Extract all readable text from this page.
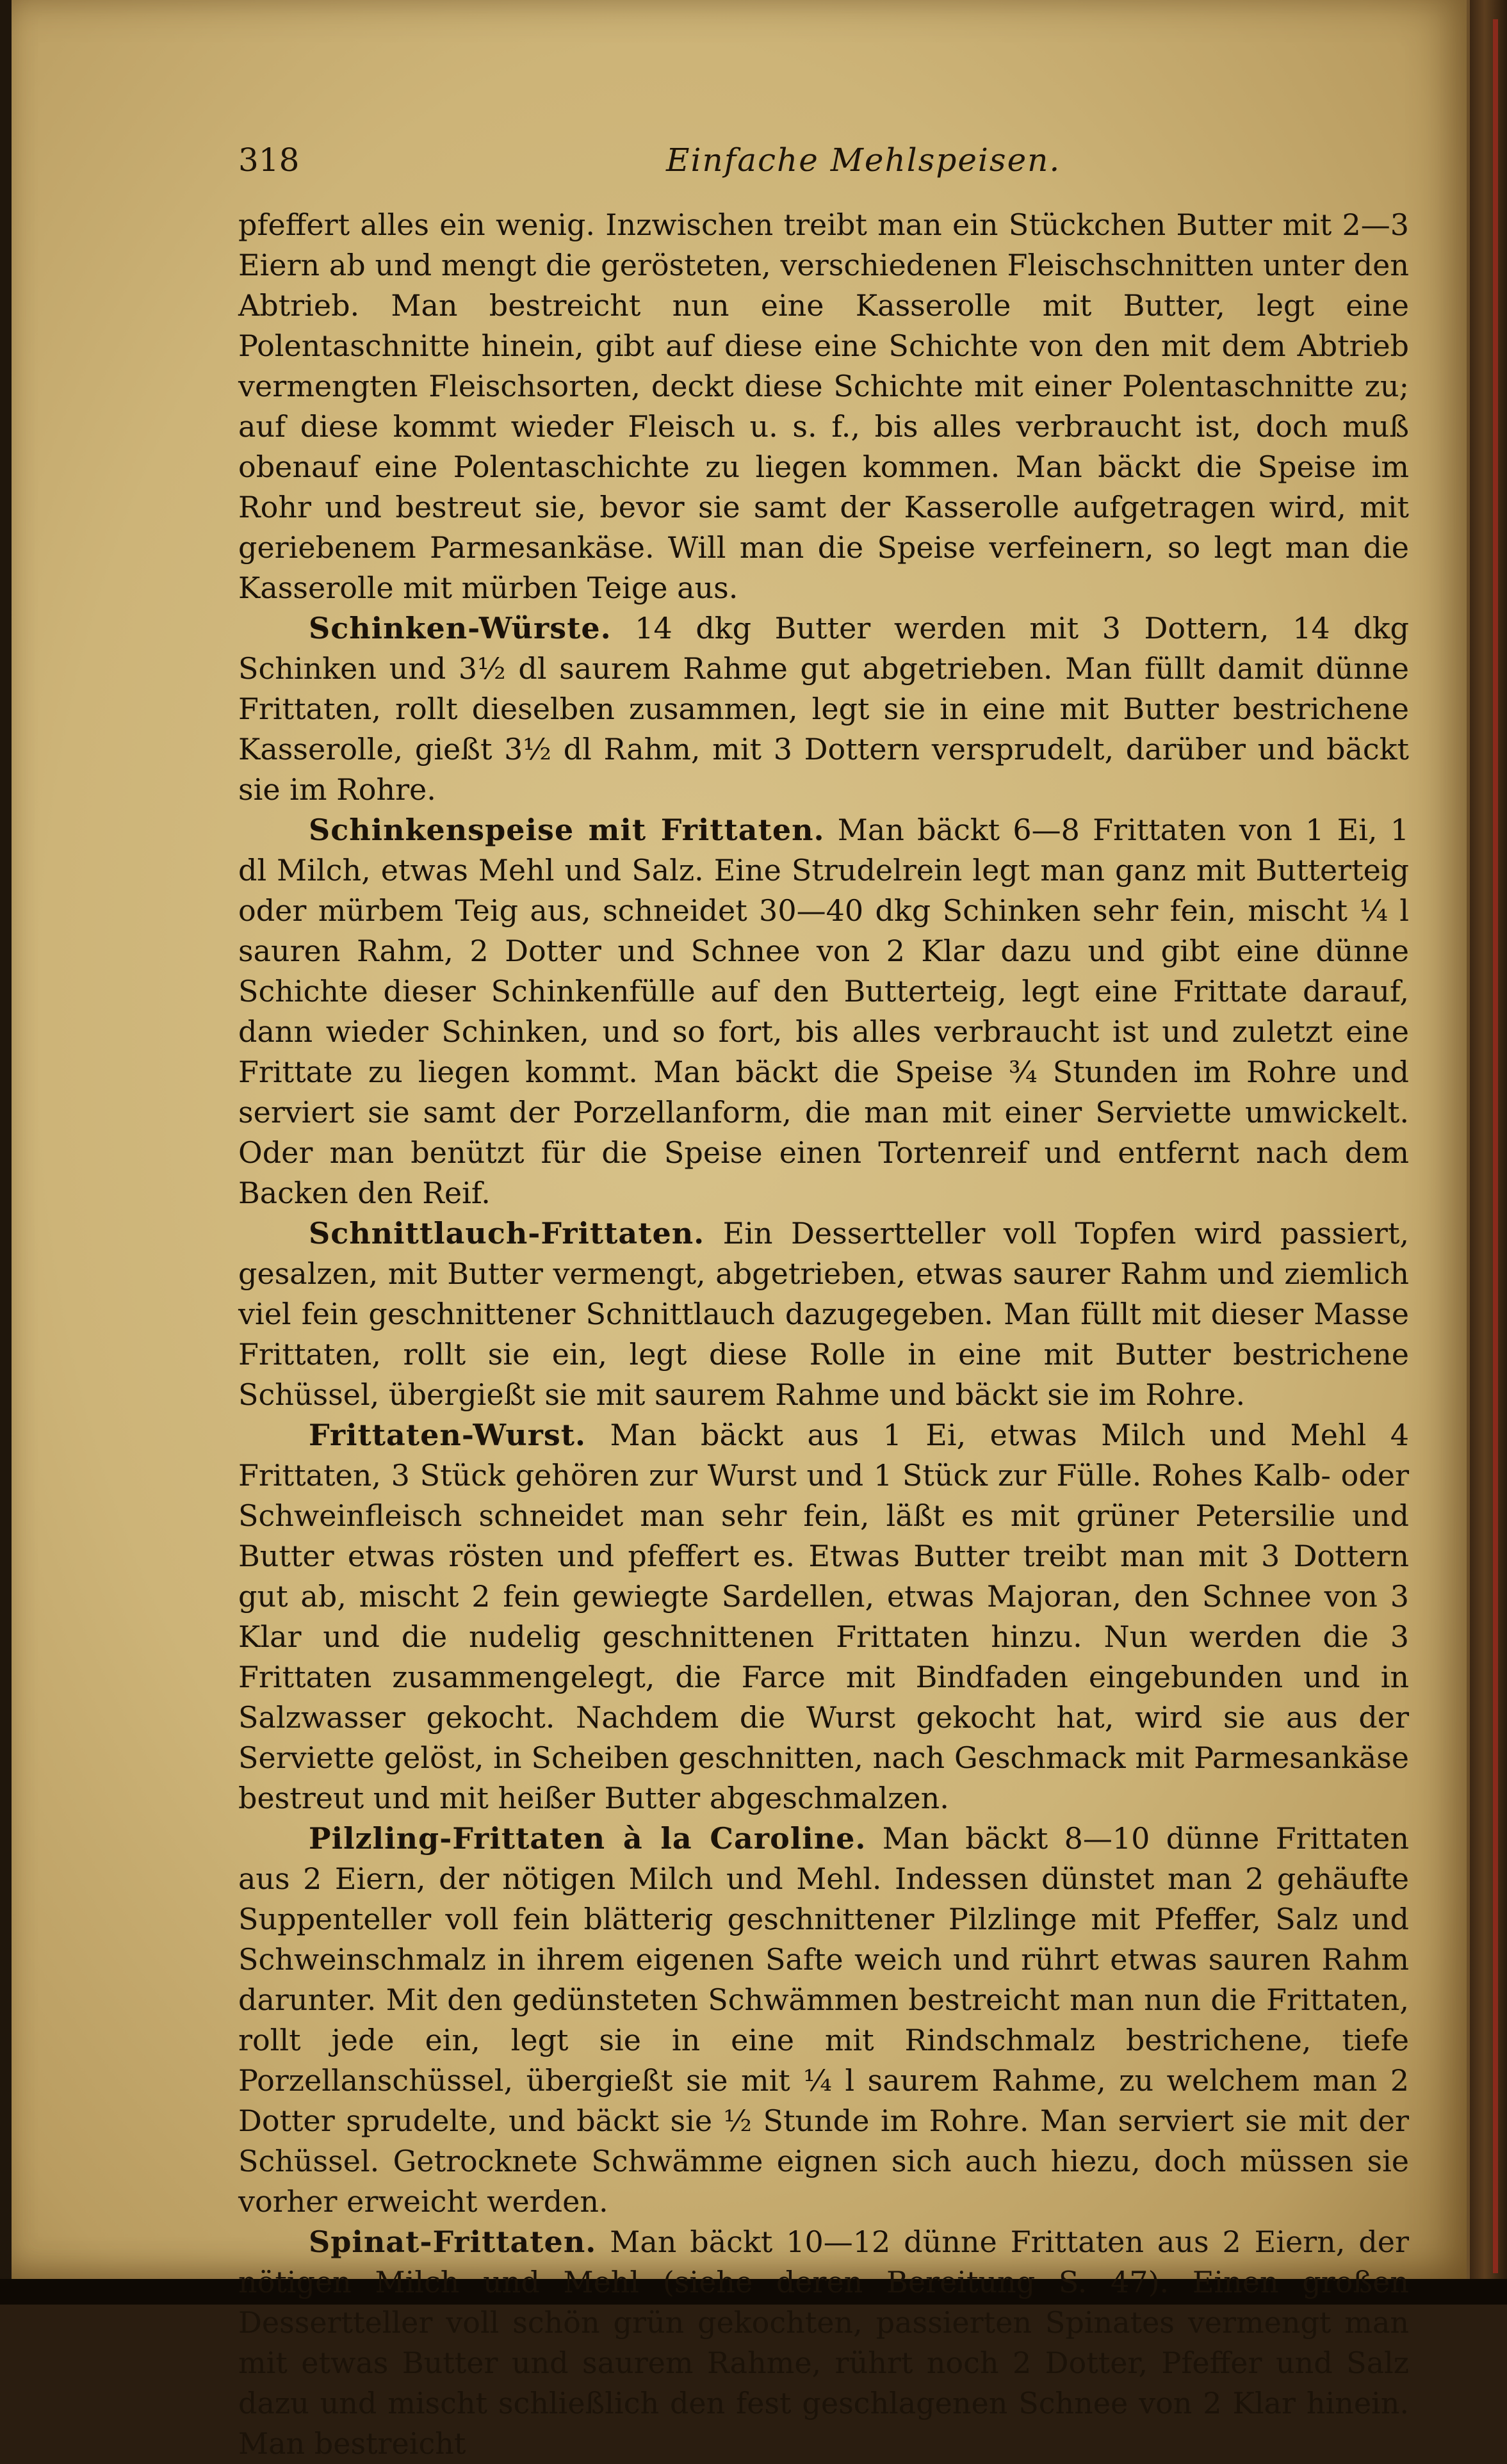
318	Einfache Mehlspeisen.

pfeffert alles ein wenig. Inzwischen treibt man ein Stückchen Butter mit 2—3 Eiern ab und mengt die gerösteten, verschiedenen Fleischschnitten unter den Abtrieb. Man bestreicht nun eine Kasserolle mit Butter, legt eine Polentaschnitte hinein, gibt auf diese eine Schichte von den mit dem Abtrieb vermengten Fleischsorten, deckt diese Schichte mit einer Polentaschnitte zu; auf diese kommt wieder Fleisch u. s. f., bis alles verbraucht ist, doch muß obenauf eine Polentaschichte zu liegen kommen. Man bäckt die Speise im Rohr und bestreut sie, bevor sie samt der Kasserolle aufgetragen wird, mit geriebenem Parmesankäse. Will man die Speise verfeinern, so legt man die Kasserolle mit mürben Teige aus.

Schinken-Würste. 14 dkg Butter werden mit 3 Dottern, 14 dkg Schinken und 3½ dl saurem Rahme gut abgetrieben. Man füllt damit dünne Frittaten, rollt dieselben zusammen, legt sie in eine mit Butter bestrichene Kasserolle, gießt 3½ dl Rahm, mit 3 Dottern versprudelt, darüber und bäckt sie im Rohre.

Schinkenspeise mit Frittaten. Man bäckt 6—8 Frittaten von 1 Ei, 1 dl Milch, etwas Mehl und Salz. Eine Strudelrein legt man ganz mit Butterteig oder mürbem Teig aus, schneidet 30—40 dkg Schinken sehr fein, mischt ¼ l sauren Rahm, 2 Dotter und Schnee von 2 Klar dazu und gibt eine dünne Schichte dieser Schinkenfülle auf den Butterteig, legt eine Frittate darauf, dann wieder Schinken, und so fort, bis alles verbraucht ist und zuletzt eine Frittate zu liegen kommt. Man bäckt die Speise ¾ Stunden im Rohre und serviert sie samt der Porzellanform, die man mit einer Serviette umwickelt. Oder man benützt für die Speise einen Tortenreif und entfernt nach dem Backen den Reif.

Schnittlauch-Frittaten. Ein Dessertteller voll Topfen wird passiert, gesalzen, mit Butter vermengt, abgetrieben, etwas saurer Rahm und ziemlich viel fein geschnittener Schnittlauch dazugegeben. Man füllt mit dieser Masse Frittaten, rollt sie ein, legt diese Rolle in eine mit Butter bestrichene Schüssel, übergießt sie mit saurem Rahme und bäckt sie im Rohre.

Frittaten-Wurst. Man bäckt aus 1 Ei, etwas Milch und Mehl 4 Frittaten, 3 Stück gehören zur Wurst und 1 Stück zur Fülle. Rohes Kalb- oder Schweinfleisch schneidet man sehr fein, läßt es mit grüner Petersilie und Butter etwas rösten und pfeffert es. Etwas Butter treibt man mit 3 Dottern gut ab, mischt 2 fein gewiegte Sardellen, etwas Majoran, den Schnee von 3 Klar und die nudelig geschnittenen Frittaten hinzu. Nun werden die 3 Frittaten zusammengelegt, die Farce mit Bindfaden eingebunden und in Salzwasser gekocht. Nachdem die Wurst gekocht hat, wird sie aus der Serviette gelöst, in Scheiben geschnitten, nach Geschmack mit Parmesankäse bestreut und mit heißer Butter abgeschmalzen.

Pilzling-Frittaten à la Caroline. Man bäckt 8—10 dünne Frittaten aus 2 Eiern, der nötigen Milch und Mehl. Indessen dünstet man 2 gehäufte Suppenteller voll fein blätterig geschnittener Pilzlinge mit Pfeffer, Salz und Schweinschmalz in ihrem eigenen Safte weich und rührt etwas sauren Rahm darunter. Mit den gedünsteten Schwämmen bestreicht man nun die Frittaten, rollt jede ein, legt sie in eine mit Rindschmalz bestrichene, tiefe Porzellanschüssel, übergießt sie mit ¼ l saurem Rahme, zu welchem man 2 Dotter sprudelte, und bäckt sie ½ Stunde im Rohre. Man serviert sie mit der Schüssel. Getrocknete Schwämme eignen sich auch hiezu, doch müssen sie vorher erweicht werden.

Spinat-Frittaten. Man bäckt 10—12 dünne Frittaten aus 2 Eiern, der nötigen Milch und Mehl (siehe deren Bereitung S. 47). Einen großen Dessertteller voll schön grün gekochten, passierten Spinates vermengt man mit etwas Butter und saurem Rahme, rührt noch 2 Dotter, Pfeffer und Salz dazu und mischt schließlich den fest geschlagenen Schnee von 2 Klar hinein. Man bestreicht
